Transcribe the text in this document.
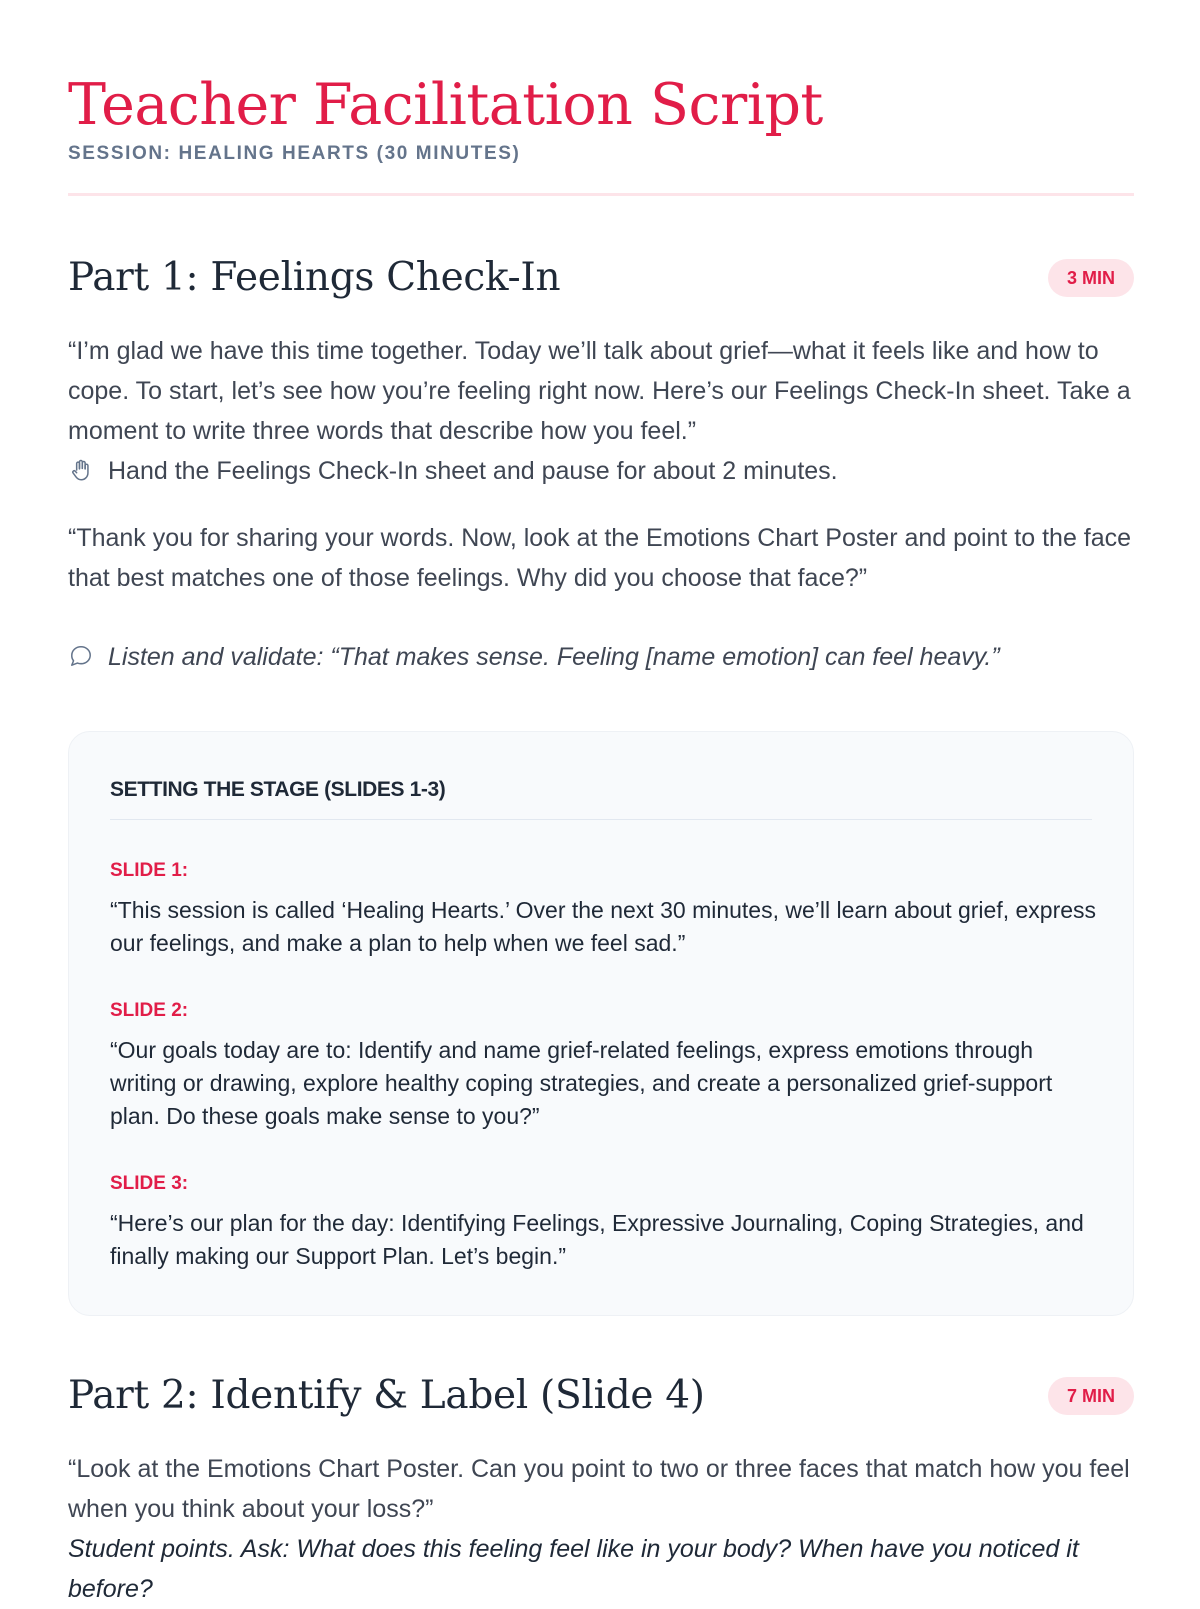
Teacher Facilitation Script
SESSION: HEALING HEARTS (30 MINUTES)
Part 1: Feelings Check-In	3 MIN

“I’m glad we have this time together. Today we’ll talk about grief—what it feels like and how to cope. To start, let’s see how you’re feeling right now. Here’s our Feelings Check-In sheet. Take a moment to write three words that describe how you feel.”

Hand the Feelings Check-In sheet and pause for about 2 minutes.

“Thank you for sharing your words. Now, look at the Emotions Chart Poster and point to the face that best matches one of those feelings. Why did you choose that face?”

Listen and validate: “That makes sense. Feeling [name emotion] can feel heavy.”
SETTING THE STAGE (SLIDES 1-3)
SLIDE 1:

“This session is called ‘Healing Hearts.’ Over the next 30 minutes, we’ll learn about grief, express our feelings, and make a plan to help when we feel sad.”

SLIDE 2:

“Our goals today are to: Identify and name grief-related feelings, express emotions through writing or drawing, explore healthy coping strategies, and create a personalized grief-support plan. Do these goals make sense to you?”

SLIDE 3:

“Here’s our plan for the day: Identifying Feelings, Expressive Journaling, Coping Strategies, and finally making our Support Plan. Let’s begin.”

Part 2: Identify & Label (Slide 4)	7 MIN

“Look at the Emotions Chart Poster. Can you point to two or three faces that match how you feel when you think about your loss?”

Student points. Ask: What does this feeling feel like in your body? When have you noticed it before?
